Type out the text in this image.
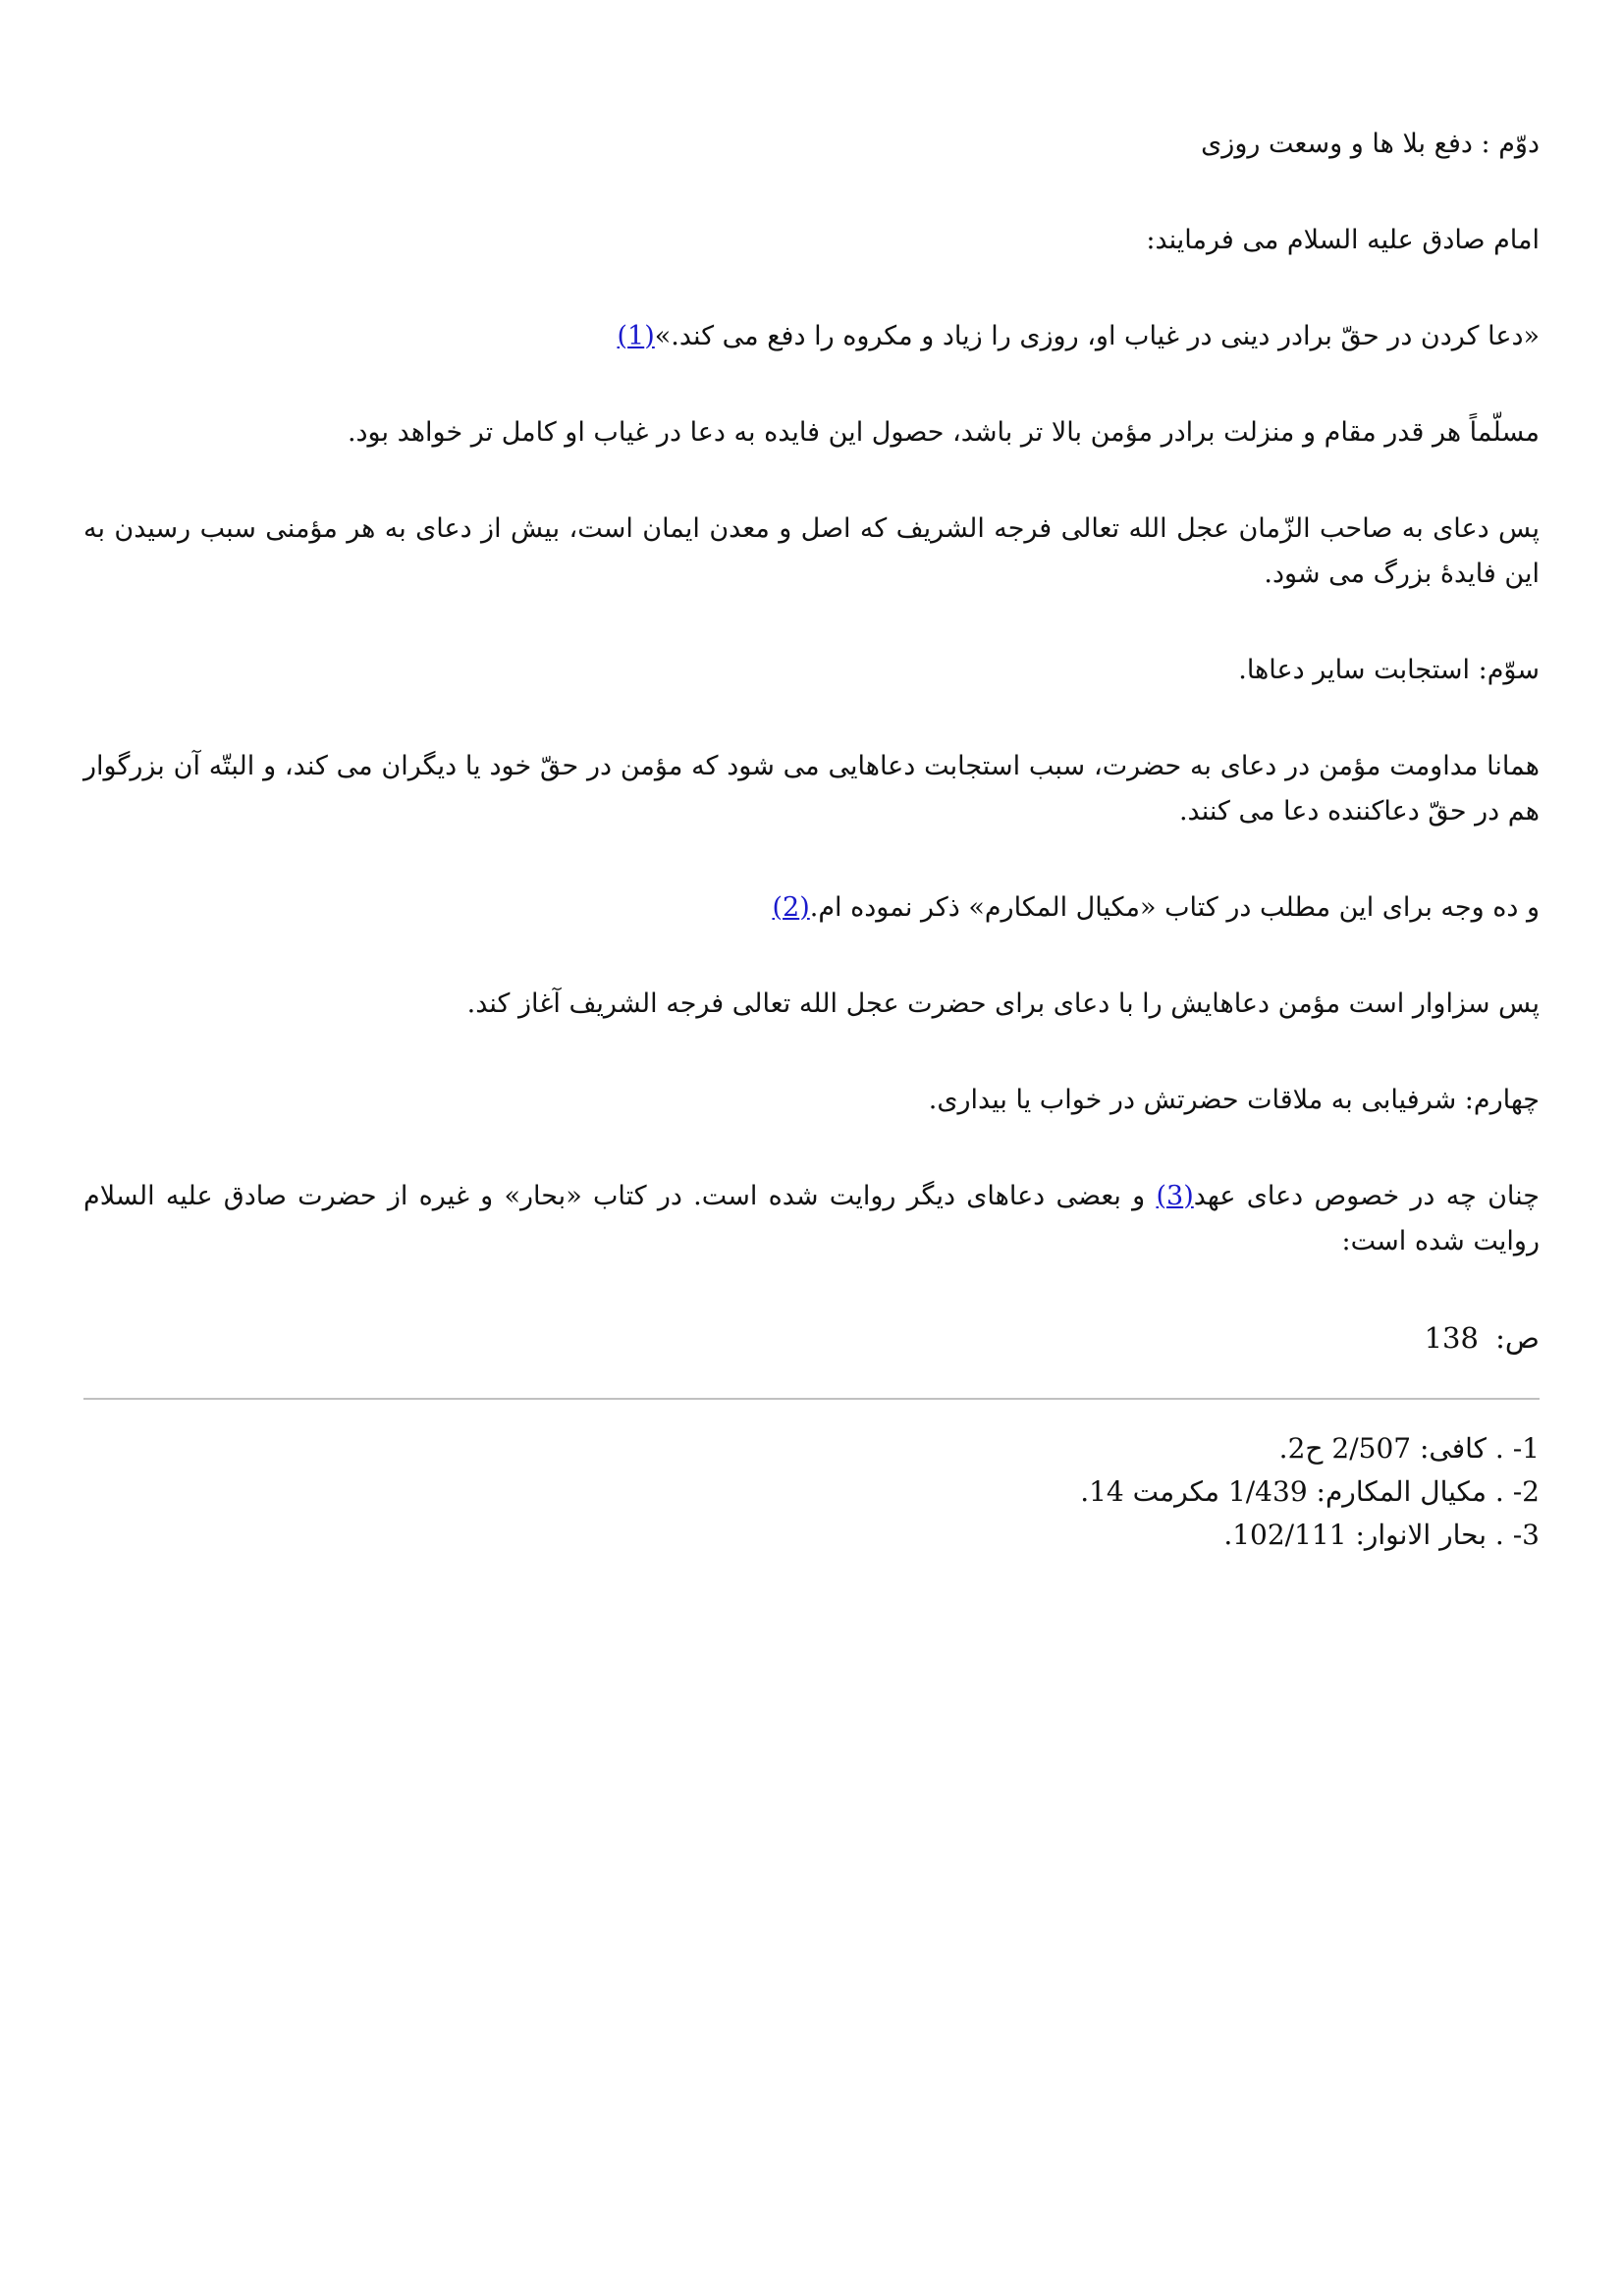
دوّم : دفع بلا ها و وسعت روزی

امام صادق علیه السلام می فرمایند:

«دعا کردن در حقّ برادر دینی در غیاب او، روزی را زیاد و مکروه را دفع می کند.»(1)

مسلّماً هر قدر مقام و منزلت برادر مؤمن بالا تر باشد، حصول این فایده به دعا در غیاب او کامل تر خواهد بود.

پس دعای به صاحب الزّمان عجل الله تعالی فرجه الشریف که اصل و معدن ایمان است، بیش از دعای به هر مؤمنی سبب رسیدن به این فایدۀ بزرگ می شود.

سوّم: استجابت سایر دعاها.

همانا مداومت مؤمن در دعای به حضرت، سبب استجابت دعاهایی می شود که مؤمن در حقّ خود یا دیگران می کند، و البتّه آن بزرگوار هم در حقّ دعاکننده دعا می کنند.

و ده وجه برای این مطلب در کتاب «مکیال المکارم» ذکر نموده ام.(2)

پس سزاوار است مؤمن دعاهایش را با دعای برای حضرت عجل الله تعالی فرجه الشریف آغاز کند.

چهارم: شرفیابی به ملاقات حضرتش در خواب یا بیداری.

چنان چه در خصوص دعای عهد(3) و بعضی دعاهای دیگر روایت شده است. در کتاب «بحار» و غیره از حضرت صادق علیه السلام روایت شده است:

ص: 138

1- . کافی: 2/507 ح2.
2- . مکیال المکارم: 1/439 مکرمت 14.
3- . بحار الانوار: 102/111.
